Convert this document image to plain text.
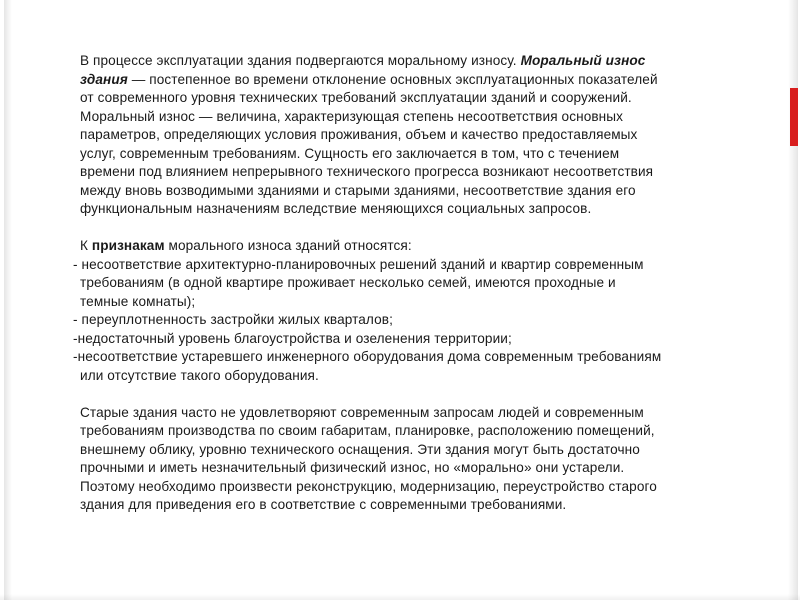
В процессе эксплуатации здания подвергаются моральному износу. Моральный износ
здания — постепенное во времени отклонение основных эксплуатационных показателей
от современного уровня технических требований эксплуатации зданий и сооружений.
Моральный износ — величина, характеризующая степень несоответствия основных
параметров, определяющих условия проживания, объем и качество предоставляемых
услуг, современным требованиям. Сущность его заключается в том, что с течением
времени под влиянием непрерывного технического прогресса возникают несоответствия
между вновь возводимыми зданиями и старыми зданиями, несоответствие здания его
функциональным назначениям вследствие меняющихся социальных запросов.
К признакам морального износа зданий относятся:
- несоответствие архитектурно-планировочных решений зданий и квартир современным
требованиям (в одной квартире проживает несколько семей, имеются проходные и
темные комнаты);
- переуплотненность застройки жилых кварталов;
-недостаточный уровень благоустройства и озеленения территории;
-несоответствие устаревшего инженерного оборудования дома современным требованиям
или отсутствие такого оборудования.
Старые здания часто не удовлетворяют современным запросам людей и современным
требованиям производства по своим габаритам, планировке, расположению помещений,
внешнему облику, уровню технического оснащения. Эти здания могут быть достаточно
прочными и иметь незначительный физический износ, но «морально» они устарели.
Поэтому необходимо произвести реконструкцию, модернизацию, переустройство старого
здания для приведения его в соответствие с современными требованиями.
